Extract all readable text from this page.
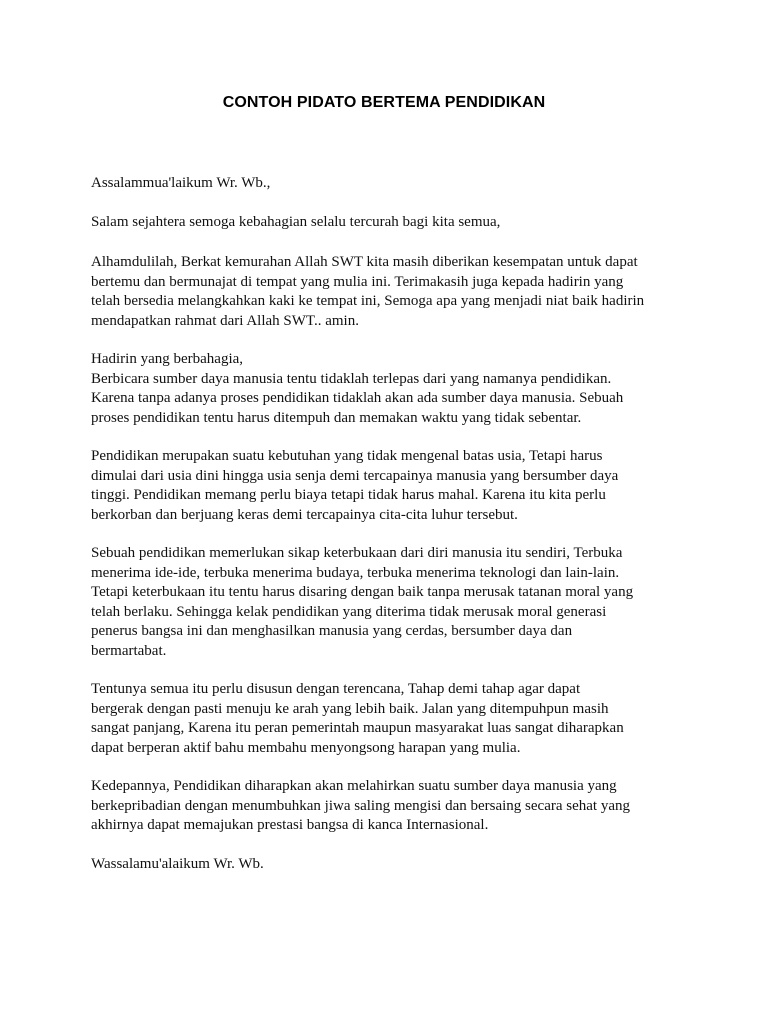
CONTOH PIDATO BERTEMA PENDIDIKAN

Assalammua'laikum Wr. Wb.,

Salam sejahtera semoga kebahagian selalu tercurah bagi kita semua,

Alhamdulilah, Berkat kemurahan Allah SWT kita masih diberikan kesempatan untuk dapat
bertemu dan bermunajat di tempat yang mulia ini. Terimakasih juga kepada hadirin yang
telah bersedia melangkahkan kaki ke tempat ini, Semoga apa yang menjadi niat baik hadirin
mendapatkan rahmat dari Allah SWT.. amin.

Hadirin yang berbahagia,
Berbicara sumber daya manusia tentu tidaklah terlepas dari yang namanya pendidikan.
Karena tanpa adanya proses pendidikan tidaklah akan ada sumber daya manusia. Sebuah
proses pendidikan tentu harus ditempuh dan memakan waktu yang tidak sebentar.

Pendidikan merupakan suatu kebutuhan yang tidak mengenal batas usia, Tetapi harus
dimulai dari usia dini hingga usia senja demi tercapainya manusia yang bersumber daya
tinggi. Pendidikan memang perlu biaya tetapi tidak harus mahal. Karena itu kita perlu
berkorban dan berjuang keras demi tercapainya cita-cita luhur tersebut.

Sebuah pendidikan memerlukan sikap keterbukaan dari diri manusia itu sendiri, Terbuka
menerima ide-ide, terbuka menerima budaya, terbuka menerima teknologi dan lain-lain.
Tetapi keterbukaan itu tentu harus disaring dengan baik tanpa merusak tatanan moral yang
telah berlaku. Sehingga kelak pendidikan yang diterima tidak merusak moral generasi
penerus bangsa ini dan menghasilkan manusia yang cerdas, bersumber daya dan
bermartabat.

Tentunya semua itu perlu disusun dengan terencana, Tahap demi tahap agar dapat
bergerak dengan pasti menuju ke arah yang lebih baik. Jalan yang ditempuhpun masih
sangat panjang, Karena itu peran pemerintah maupun masyarakat luas sangat diharapkan
dapat berperan aktif bahu membahu menyongsong harapan yang mulia.

Kedepannya, Pendidikan diharapkan akan melahirkan suatu sumber daya manusia yang
berkepribadian dengan menumbuhkan jiwa saling mengisi dan bersaing secara sehat yang
akhirnya dapat memajukan prestasi bangsa di kanca Internasional.

Wassalamu'alaikum Wr. Wb.
